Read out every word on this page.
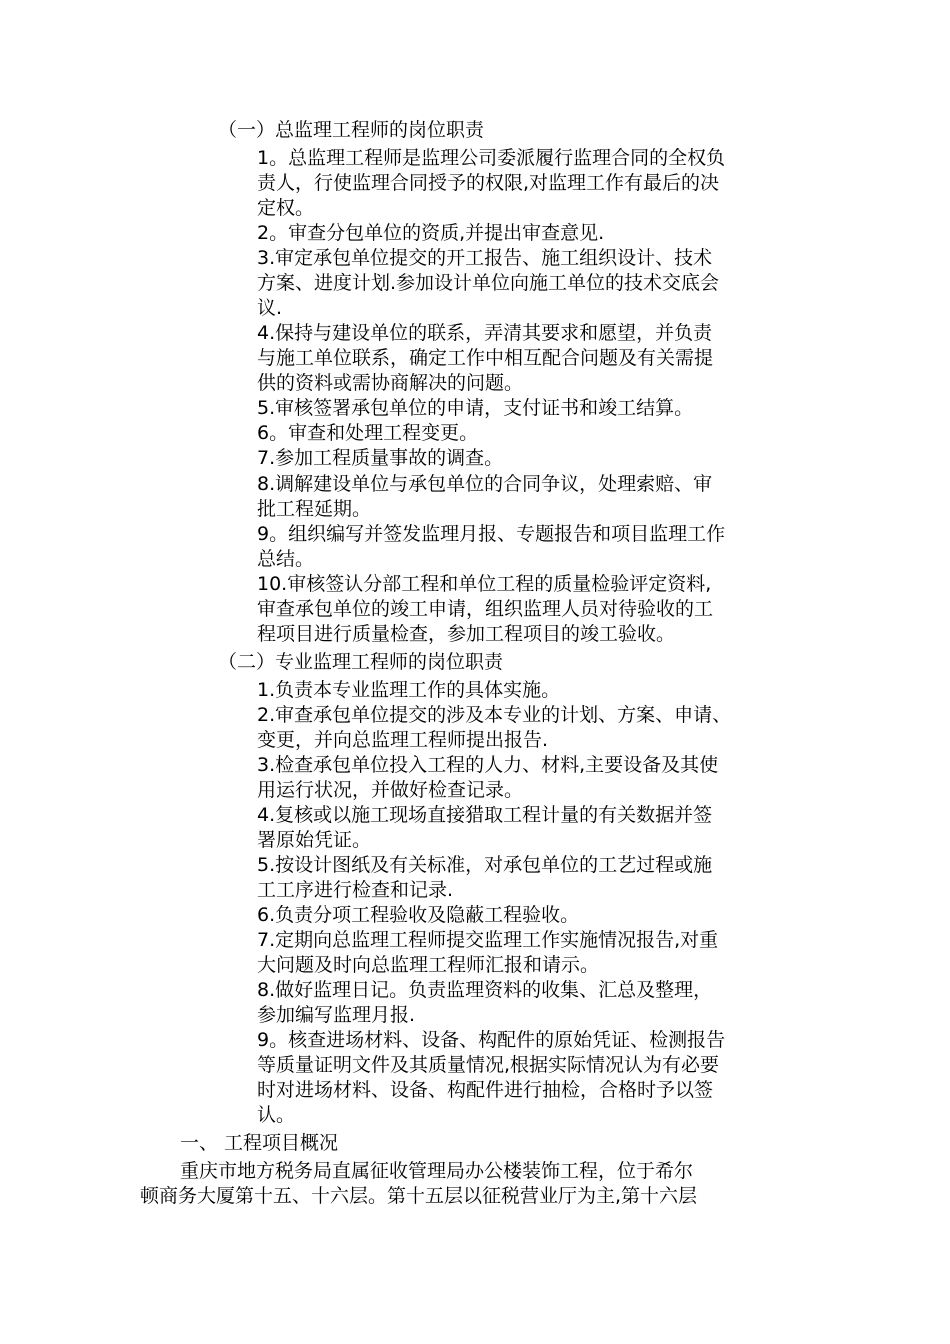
（一）总监理工程师的岗位职责
1。总监理工程师是监理公司委派履行监理合同的全权负
责人，行使监理合同授予的权限,对监理工作有最后的决
定权。
2。审查分包单位的资质,并提出审查意见.
3.审定承包单位提交的开工报告、施工组织设计、技术
方案、进度计划.参加设计单位向施工单位的技术交底会
议.
4.保持与建设单位的联系，弄清其要求和愿望，并负责
与施工单位联系，确定工作中相互配合问题及有关需提
供的资料或需协商解决的问题。
5.审核签署承包单位的申请，支付证书和竣工结算。
6。审查和处理工程变更。
7.参加工程质量事故的调查。
8.调解建设单位与承包单位的合同争议，处理索赔、审
批工程延期。
9。组织编写并签发监理月报、专题报告和项目监理工作
总结。
10.审核签认分部工程和单位工程的质量检验评定资料,
审查承包单位的竣工申请，组织监理人员对待验收的工
程项目进行质量检查，参加工程项目的竣工验收。
（二）专业监理工程师的岗位职责
1.负责本专业监理工作的具体实施。
2.审查承包单位提交的涉及本专业的计划、方案、申请、
变更，并向总监理工程师提出报告.
3.检查承包单位投入工程的人力、材料,主要设备及其使
用运行状况，并做好检查记录。
4.复核或以施工现场直接猎取工程计量的有关数据并签
署原始凭证。
5.按设计图纸及有关标准，对承包单位的工艺过程或施
工工序进行检查和记录.
6.负责分项工程验收及隐蔽工程验收。
7.定期向总监理工程师提交监理工作实施情况报告,对重
大问题及时向总监理工程师汇报和请示。
8.做好监理日记。负责监理资料的收集、汇总及整理，
参加编写监理月报.
9。核查进场材料、设备、构配件的原始凭证、检测报告
等质量证明文件及其质量情况,根据实际情况认为有必要
时对进场材料、设备、构配件进行抽检，合格时予以签
认。
一、 工程项目概况
重庆市地方税务局直属征收管理局办公楼装饰工程，位于希尔
顿商务大厦第十五、十六层。第十五层以征税营业厅为主,第十六层
